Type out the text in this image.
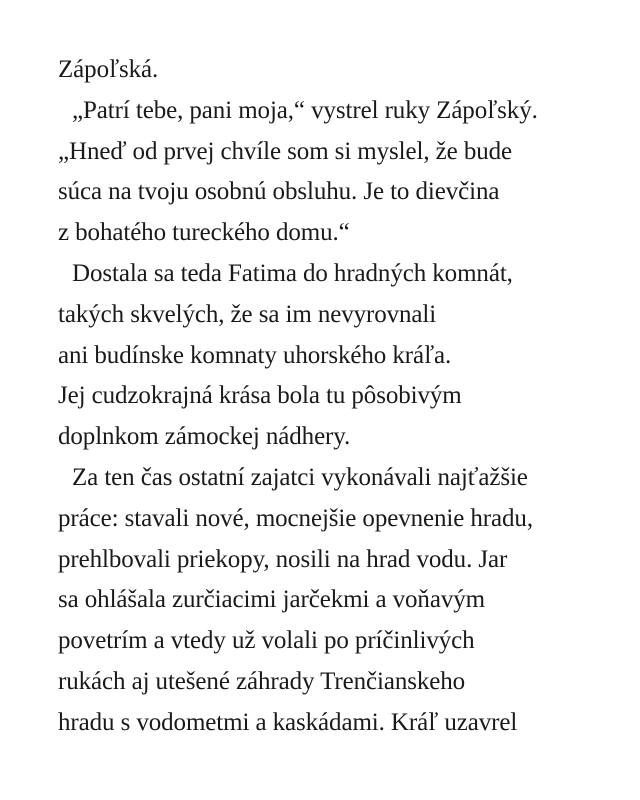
Zápoľská.
„Patrí tebe, pani moja,“ vystrel ruky Zápoľský.
„Hneď od prvej chvíle som si myslel, že bude
súca na tvoju osobnú obsluhu. Je to dievčina
z bohatého tureckého domu.“
Dostala sa teda Fatima do hradných komnát,
takých skvelých, že sa im nevyrovnali
ani budínske komnaty uhorského kráľa.
Jej cudzokrajná krása bola tu pôsobivým
doplnkom zámockej nádhery.
Za ten čas ostatní zajatci vykonávali najťažšie
práce: stavali nové, mocnejšie opevnenie hradu,
prehlbovali priekopy, nosili na hrad vodu. Jar
sa ohlášala zurčiacimi jarčekmi a voňavým
povetrím a vtedy už volali po príčinlivých
rukách aj utešené záhrady Trenčianskeho
hradu s vodometmi a kaskádami. Kráľ uzavrel
